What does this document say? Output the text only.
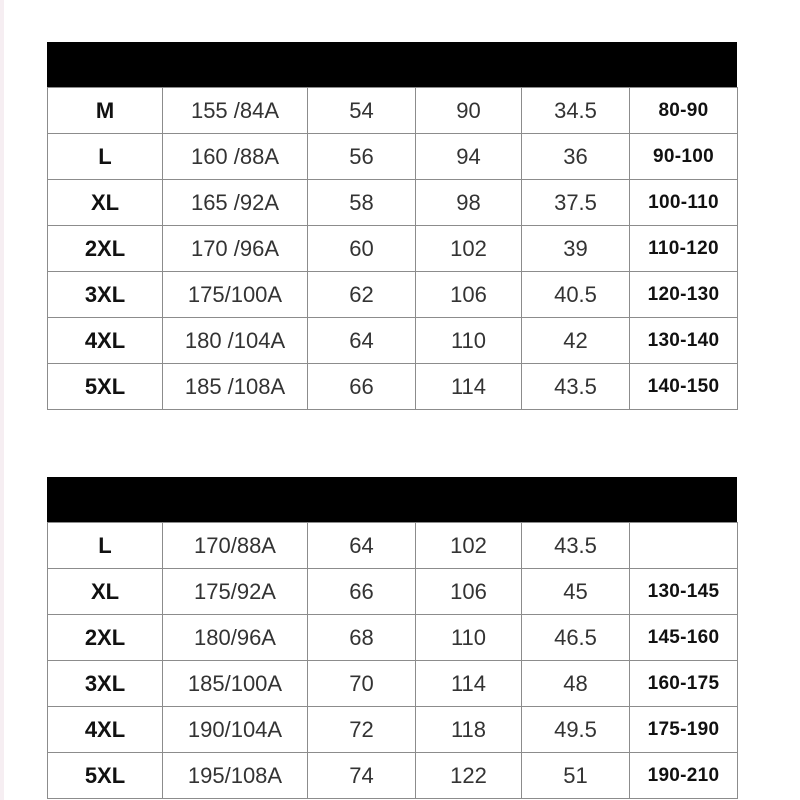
M	155 /84A	54	90	34.5	80-90
L	160 /88A	56	94	36	90-100
XL	165 /92A	58	98	37.5	100-110
2XL	170 /96A	60	102	39	110-120
3XL	175/100A	62	106	40.5	120-130
4XL	180 /104A	64	110	42	130-140
5XL	185 /108A	66	114	43.5	140-150
L	170/88A	64	102	43.5	
XL	175/92A	66	106	45	130-145
2XL	180/96A	68	110	46.5	145-160
3XL	185/100A	70	114	48	160-175
4XL	190/104A	72	118	49.5	175-190
5XL	195/108A	74	122	51	190-210
